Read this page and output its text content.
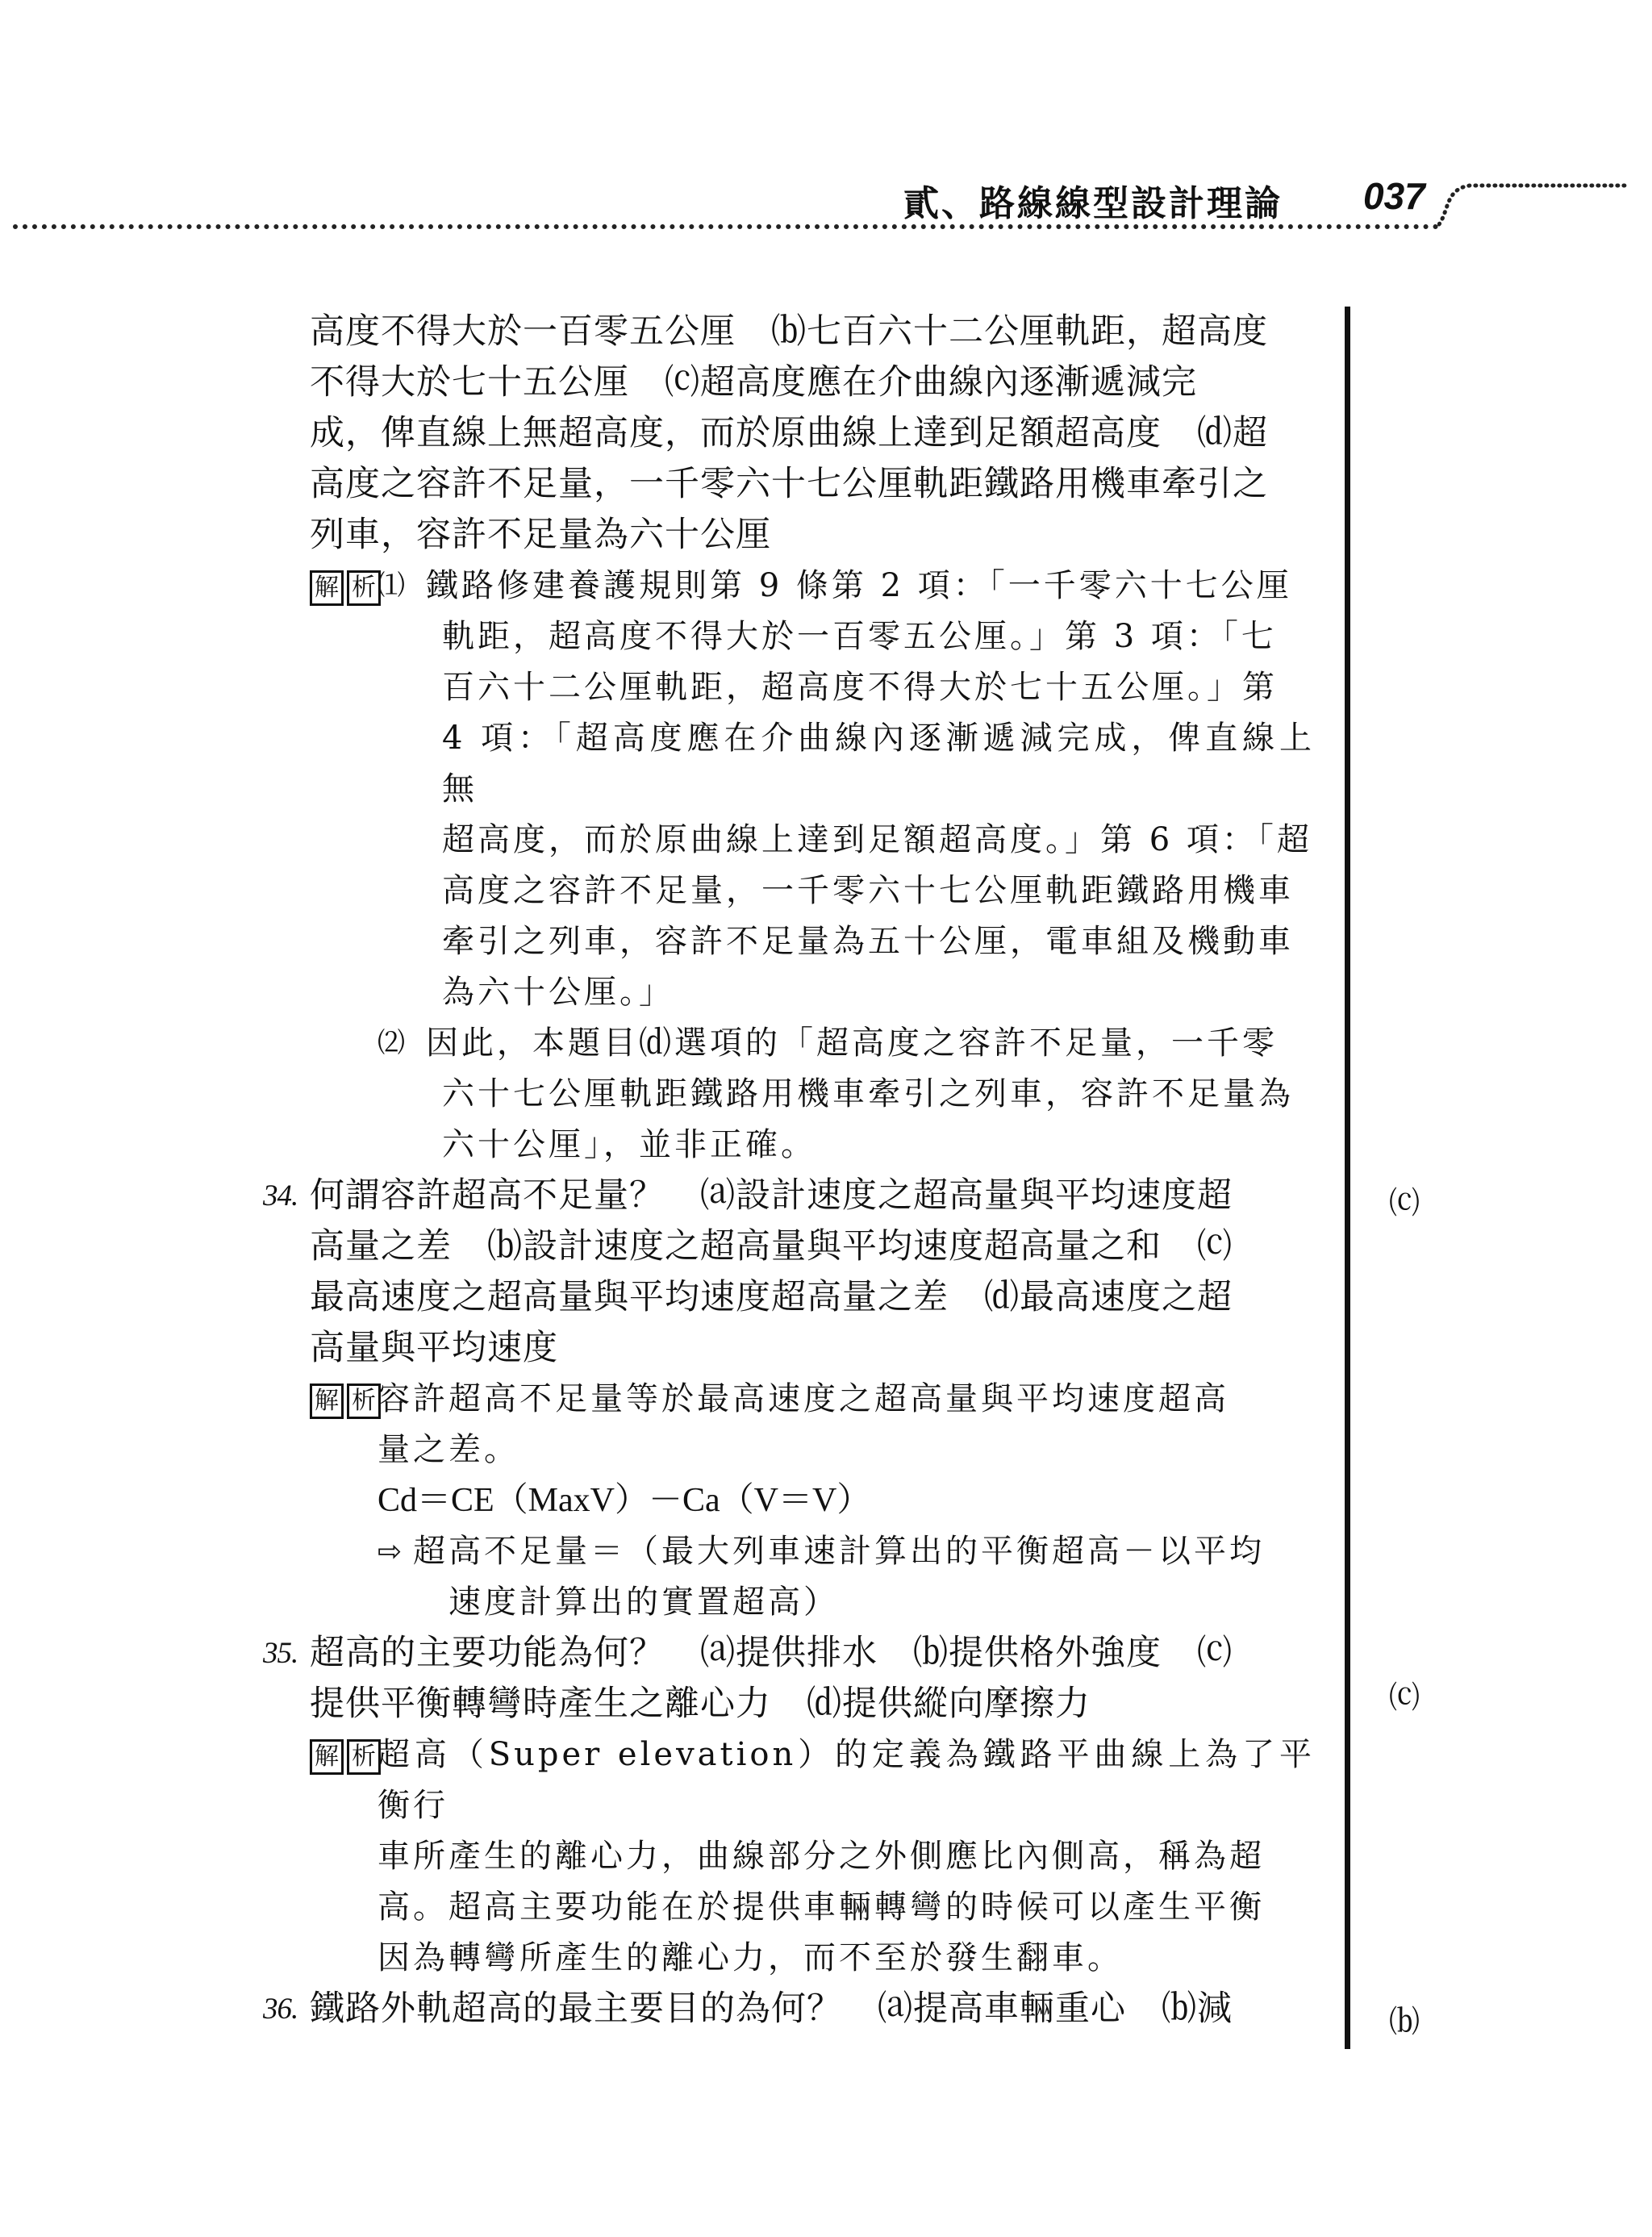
貳、路線線型設計理論 037

高度不得大於一百零五公厘　⒝七百六十二公厘軌距，超高度

不得大於七十五公厘　⒞超高度應在介曲線內逐漸遞減完

成，俾直線上無超高度，而於原曲線上達到足額超高度　⒟超

高度之容許不足量，一千零六十七公厘軌距鐵路用機車牽引之

列車，容許不足量為六十公厘

解 析 ⑴ 鐵路修建養護規則第 9 條第 2 項：「一千零六十七公厘

軌距，超高度不得大於一百零五公厘。」第 3 項：「七

百六十二公厘軌距，超高度不得大於七十五公厘。」第

4 項：「超高度應在介曲線內逐漸遞減完成，俾直線上無

超高度，而於原曲線上達到足額超高度。」第 6 項：「超

高度之容許不足量，一千零六十七公厘軌距鐵路用機車

牽引之列車，容許不足量為五十公厘，電車組及機動車

為六十公厘。」

⑵ 因此，本題目⒟選項的「超高度之容許不足量，一千零

六十七公厘軌距鐵路用機車牽引之列車，容許不足量為

六十公厘」，並非正確。

34. 何謂容許超高不足量？　⒜設計速度之超高量與平均速度超

高量之差　⒝設計速度之超高量與平均速度超高量之和　⒞

最高速度之超高量與平均速度超高量之差　⒟最高速度之超

高量與平均速度

解 析 容許超高不足量等於最高速度之超高量與平均速度超高

量之差。

Cd＝CE（MaxV）－Ca（V＝V）

⇨ 超高不足量＝（最大列車速計算出的平衡超高－以平均

速度計算出的實置超高）

35. 超高的主要功能為何？　⒜提供排水　⒝提供格外強度　⒞

提供平衡轉彎時產生之離心力　⒟提供縱向摩擦力

解 析 超高（Super elevation）的定義為鐵路平曲線上為了平衡行

車所產生的離心力，曲線部分之外側應比內側高，稱為超

高。超高主要功能在於提供車輛轉彎的時候可以產生平衡

因為轉彎所產生的離心力，而不至於發生翻車。

36. 鐵路外軌超高的最主要目的為何？　⒜提高車輛重心　⒝減

⒞
⒞
⒝
